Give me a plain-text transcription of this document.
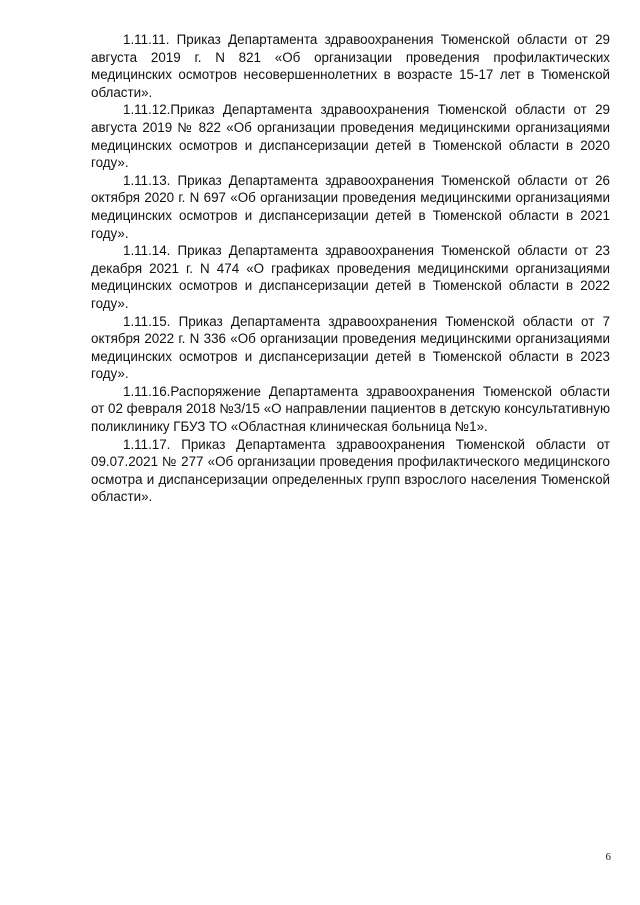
1.11.11. Приказ Департамента здравоохранения Тюменской области от 29 августа 2019 г. N 821 «Об организации проведения профилактических медицинских осмотров несовершеннолетних в возрасте 15-17 лет в Тюменской области».

1.11.12.Приказ Департамента здравоохранения Тюменской области от 29 августа 2019 № 822 «Об организации проведения медицинскими организациями медицинских осмотров и диспансеризации детей в Тюменской области в 2020 году».

1.11.13. Приказ Департамента здравоохранения Тюменской области от 26 октября 2020 г. N 697 «Об организации проведения медицинскими организациями медицинских осмотров и диспансеризации детей в Тюменской области в 2021 году».

1.11.14. Приказ Департамента здравоохранения Тюменской области от 23 декабря 2021 г. N 474 «О графиках проведения медицинскими организациями медицинских осмотров и диспансеризации детей в Тюменской области в 2022 году».

1.11.15. Приказ Департамента здравоохранения Тюменской области от 7 октября 2022 г. N 336 «Об организации проведения медицинскими организациями медицинских осмотров и диспансеризации детей в Тюменской области в 2023 году».

1.11.16.Распоряжение Департамента здравоохранения Тюменской области от 02 февраля 2018 №3/15 «О направлении пациентов в детскую консультативную поликлинику ГБУЗ ТО «Областная клиническая больница №1».

1.11.17. Приказ Департамента здравоохранения Тюменской области от 09.07.2021 № 277 «Об организации проведения профилактического медицинского осмотра и диспансеризации определенных групп взрослого населения Тюменской области».

6
